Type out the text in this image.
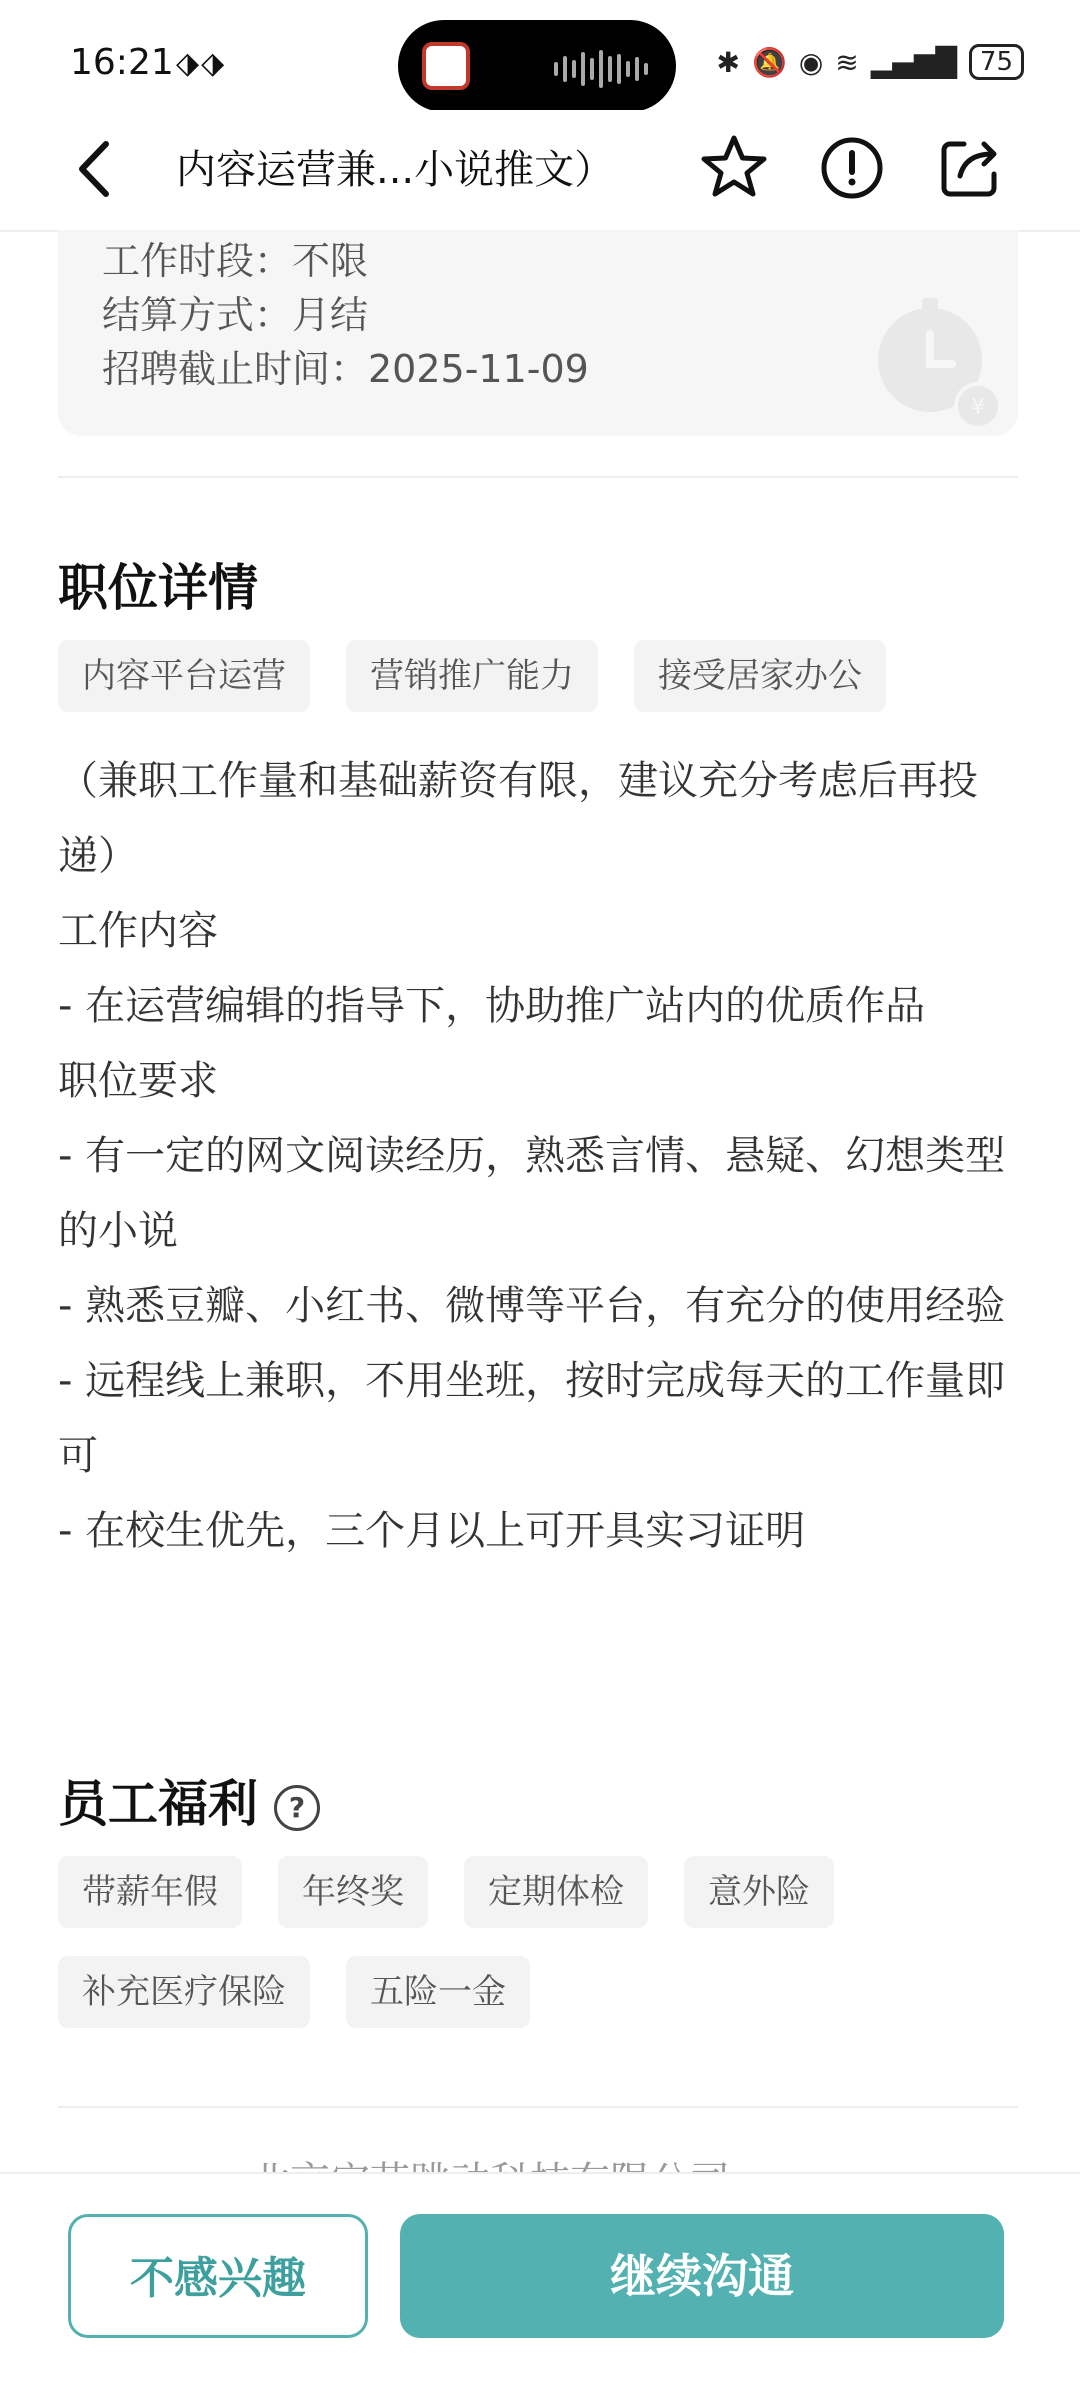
16:21 ⬗⬗	✱ 🔕 ◉ ≋ ▂▄▆█ 75
内容运营兼...小说推文）
工作时段：不限
结算方式：月结
招聘截止时间：2025-11-09
¥
职位详情
内容平台运营	营销推广能力	接受居家办公

（兼职工作量和基础薪资有限，建议充分考虑后再投递）

工作内容

- 在运营编辑的指导下，协助推广站内的优质作品

职位要求

- 有一定的网文阅读经历，熟悉言情、悬疑、幻想类型的小说

- 熟悉豆瓣、小红书、微博等平台，有充分的使用经验

- 远程线上兼职，不用坐班，按时完成每天的工作量即可

- 在校生优先，三个月以上可开具实习证明

员工福利 ?
带薪年假	年终奖	定期体检	意外险
补充医疗保险	五险一金
不感兴趣	继续沟通
